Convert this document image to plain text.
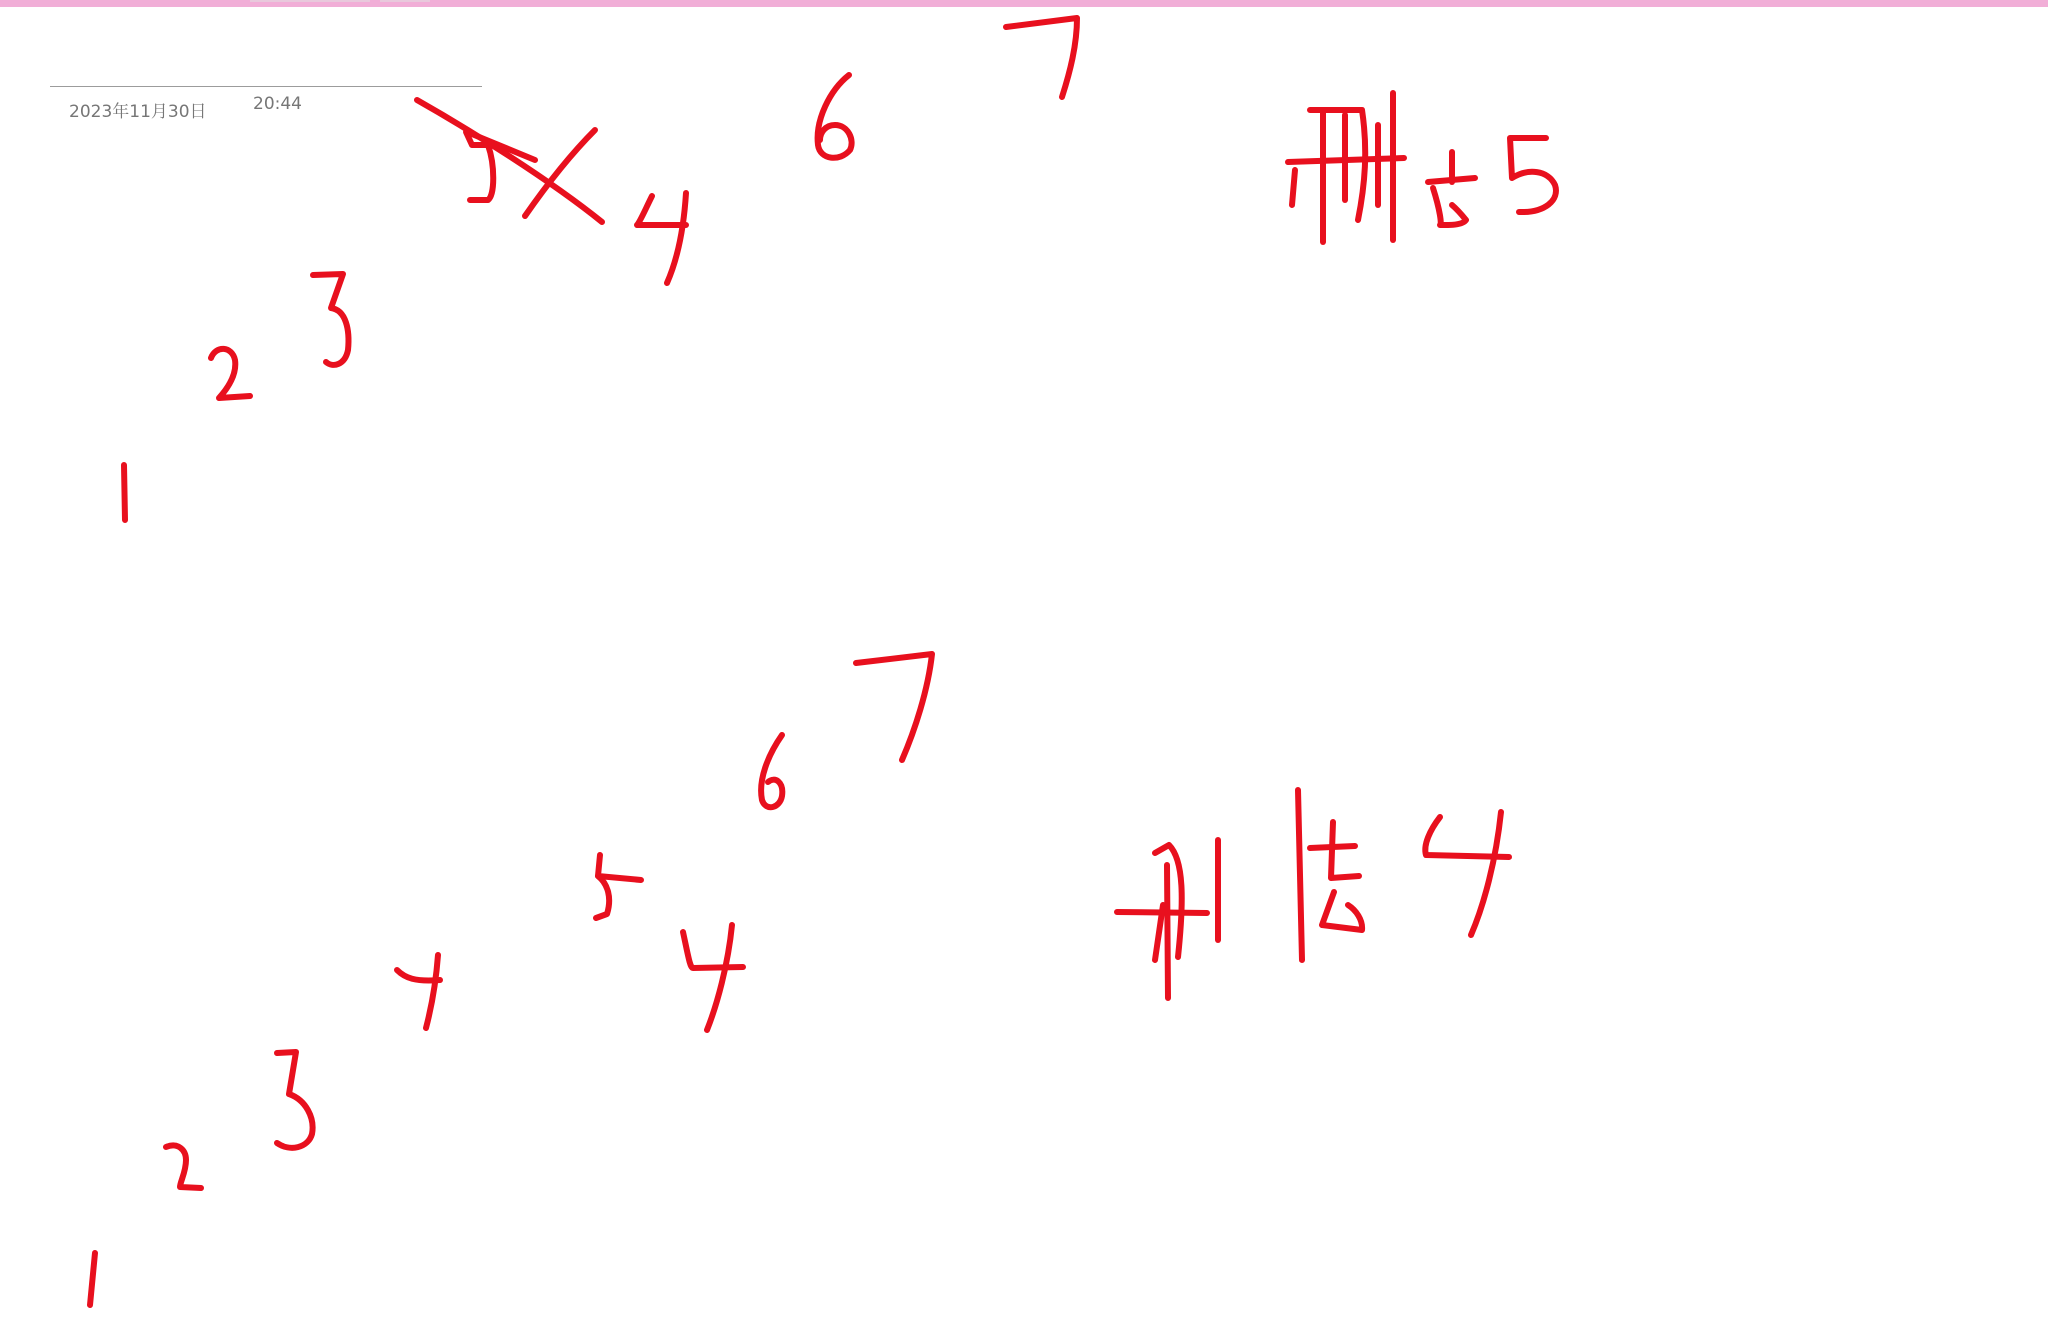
2023年11月30日	20:44
